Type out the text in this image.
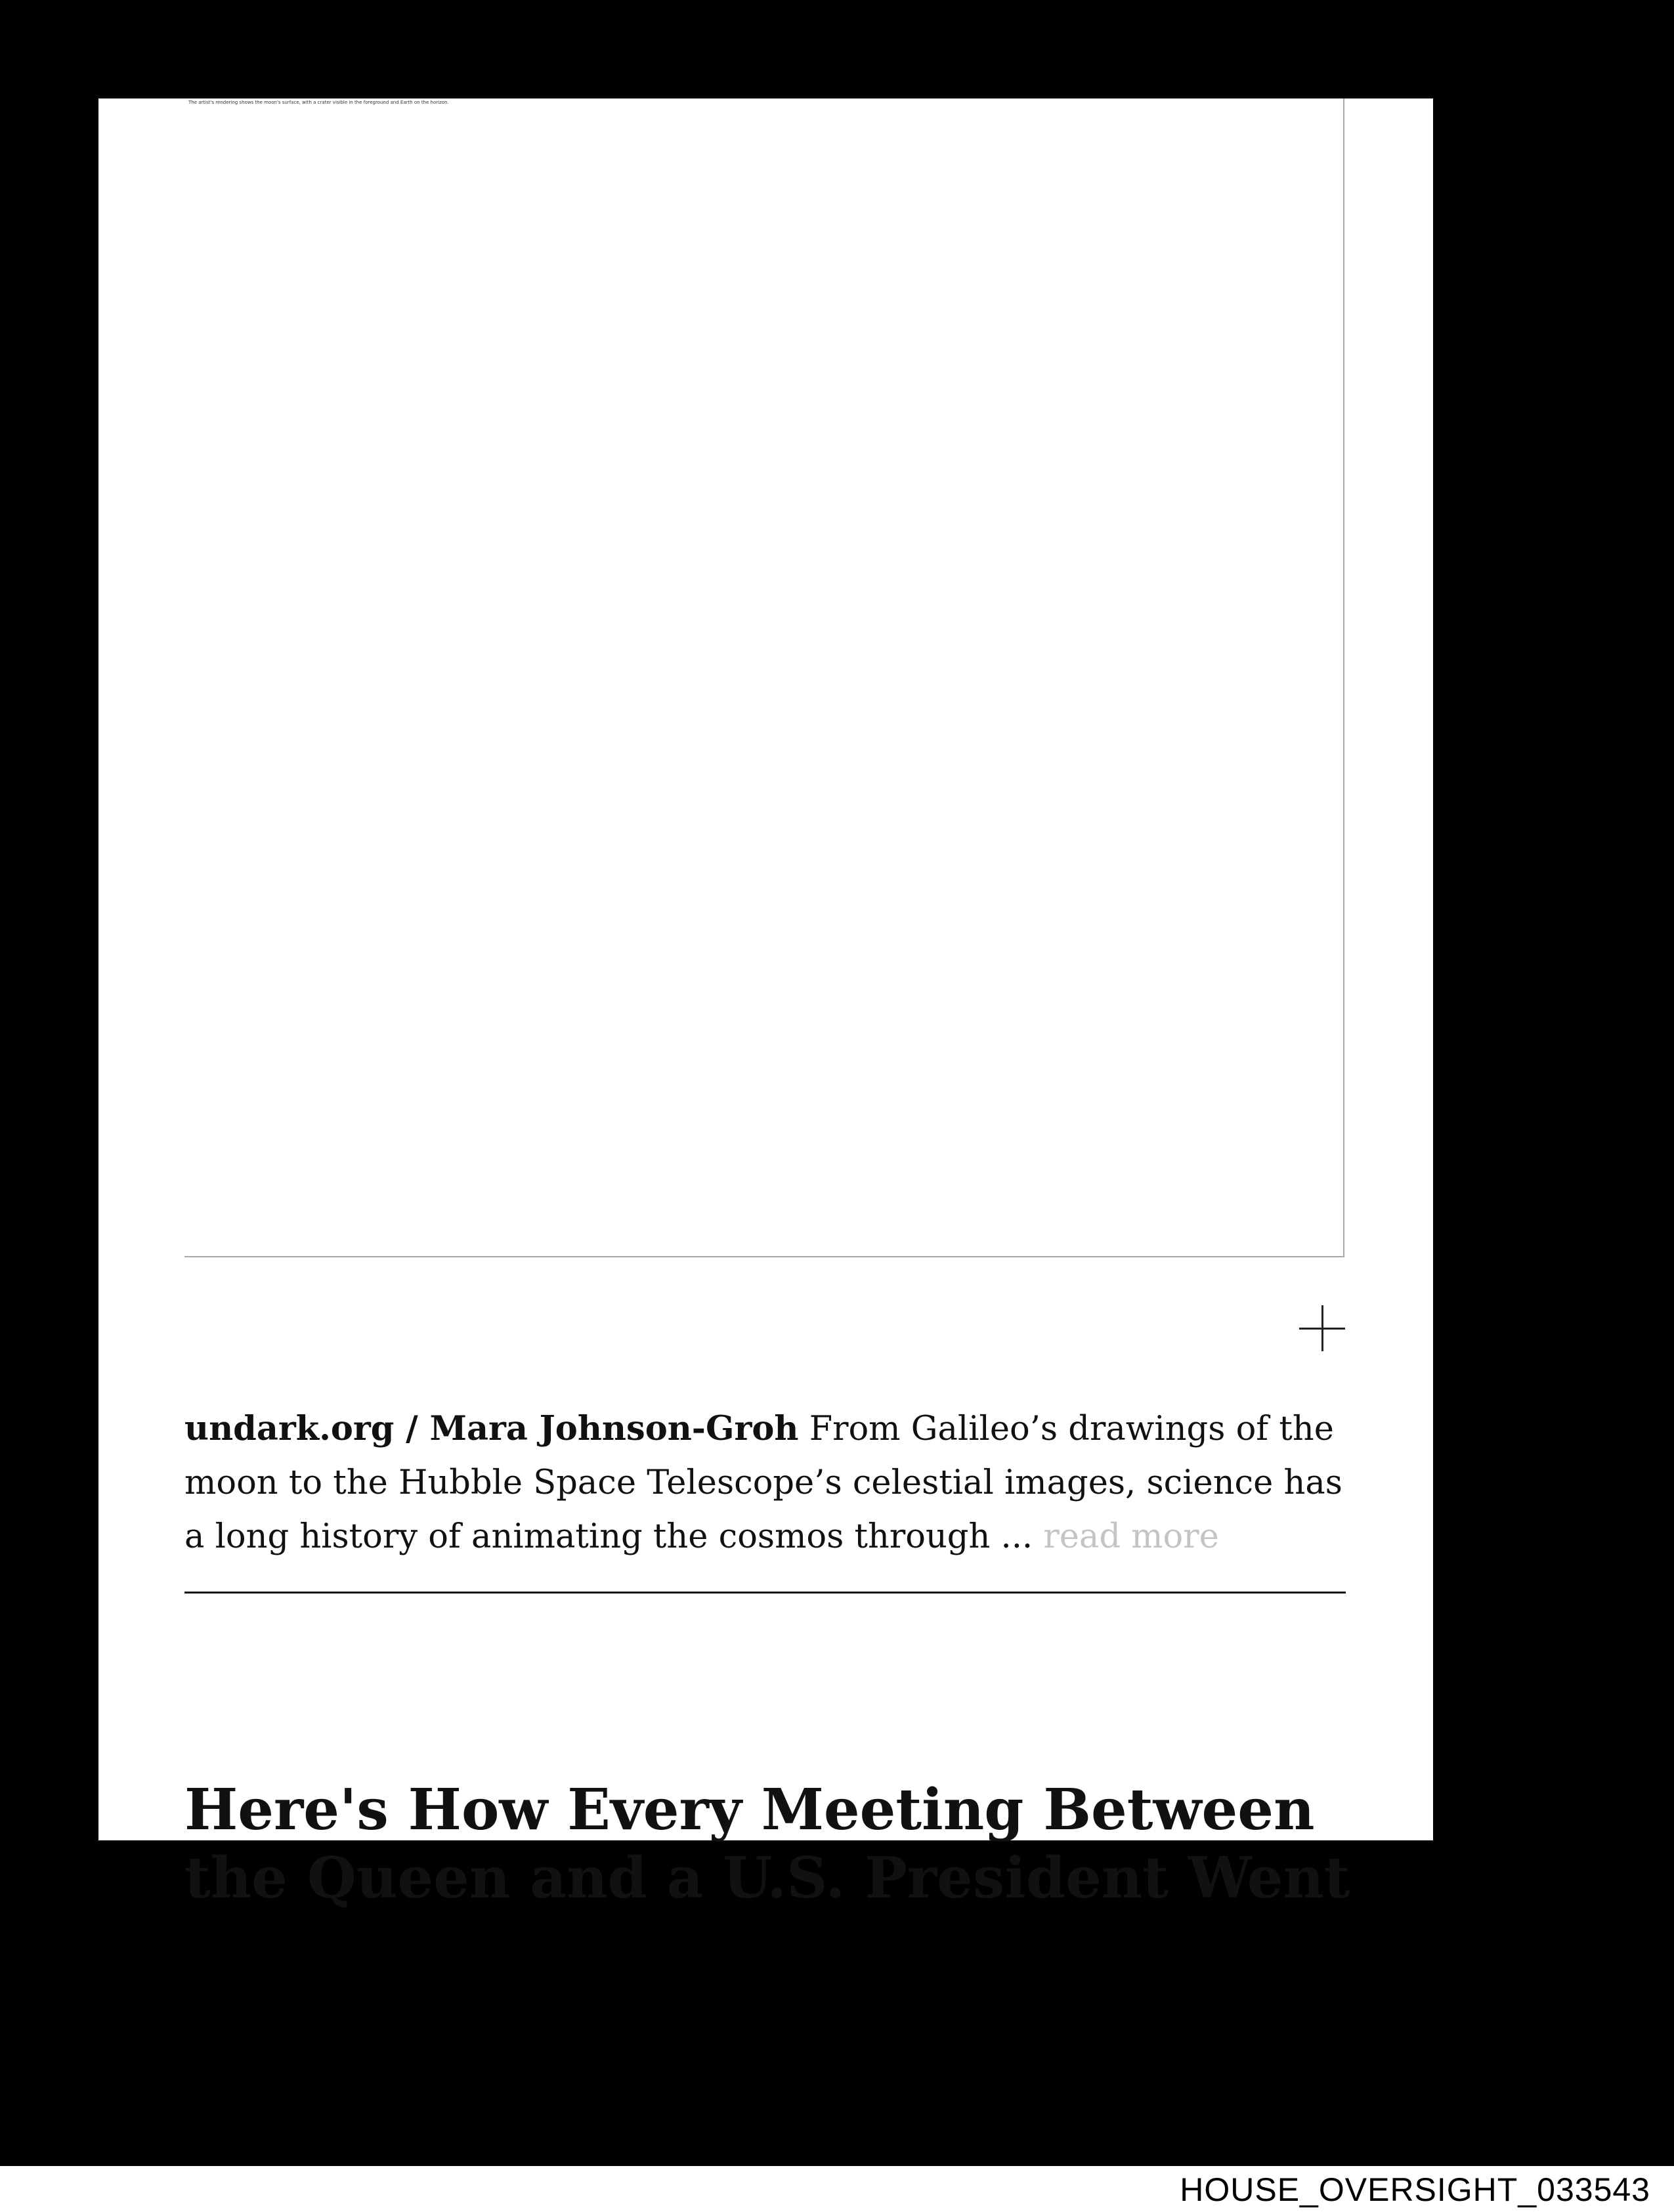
The artist's rendering shows the moon's surface, with a crater visible in the foreground and Earth on the horizon.

undark.org / Mara Johnson-Groh From Galileo’s drawings of the moon to the Hubble Space Telescope’s celestial images, science has a long history of animating the cosmos through ... read more

Here's How Every Meeting Between the Queen and a U.S. President Went
HOUSE_OVERSIGHT_033543
